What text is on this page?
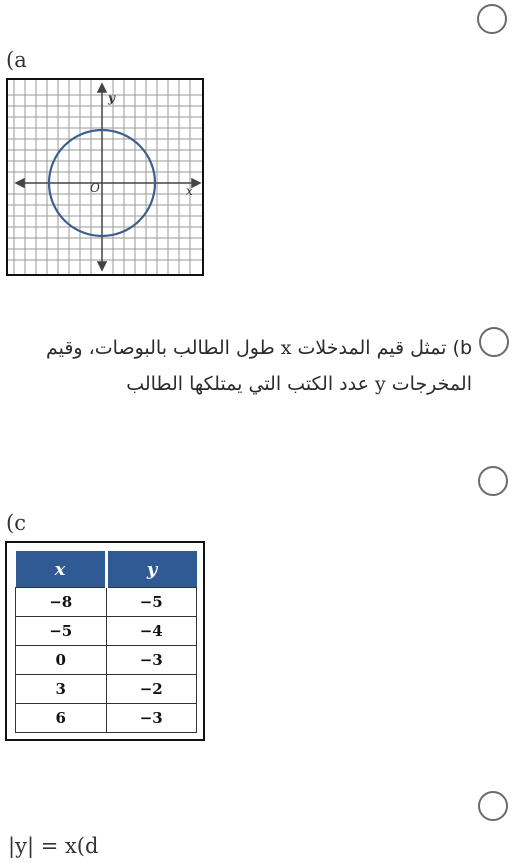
(a
y
x
O
b) تمثل قيم المدخلات x طول الطالب بالبوصات، وقيم المخرجات y عدد الكتب التي يمتلكها الطالب
(c
x	y
−8	−5
−5	−4
0	−3
3	−2
6	−3
|y| = x(d
